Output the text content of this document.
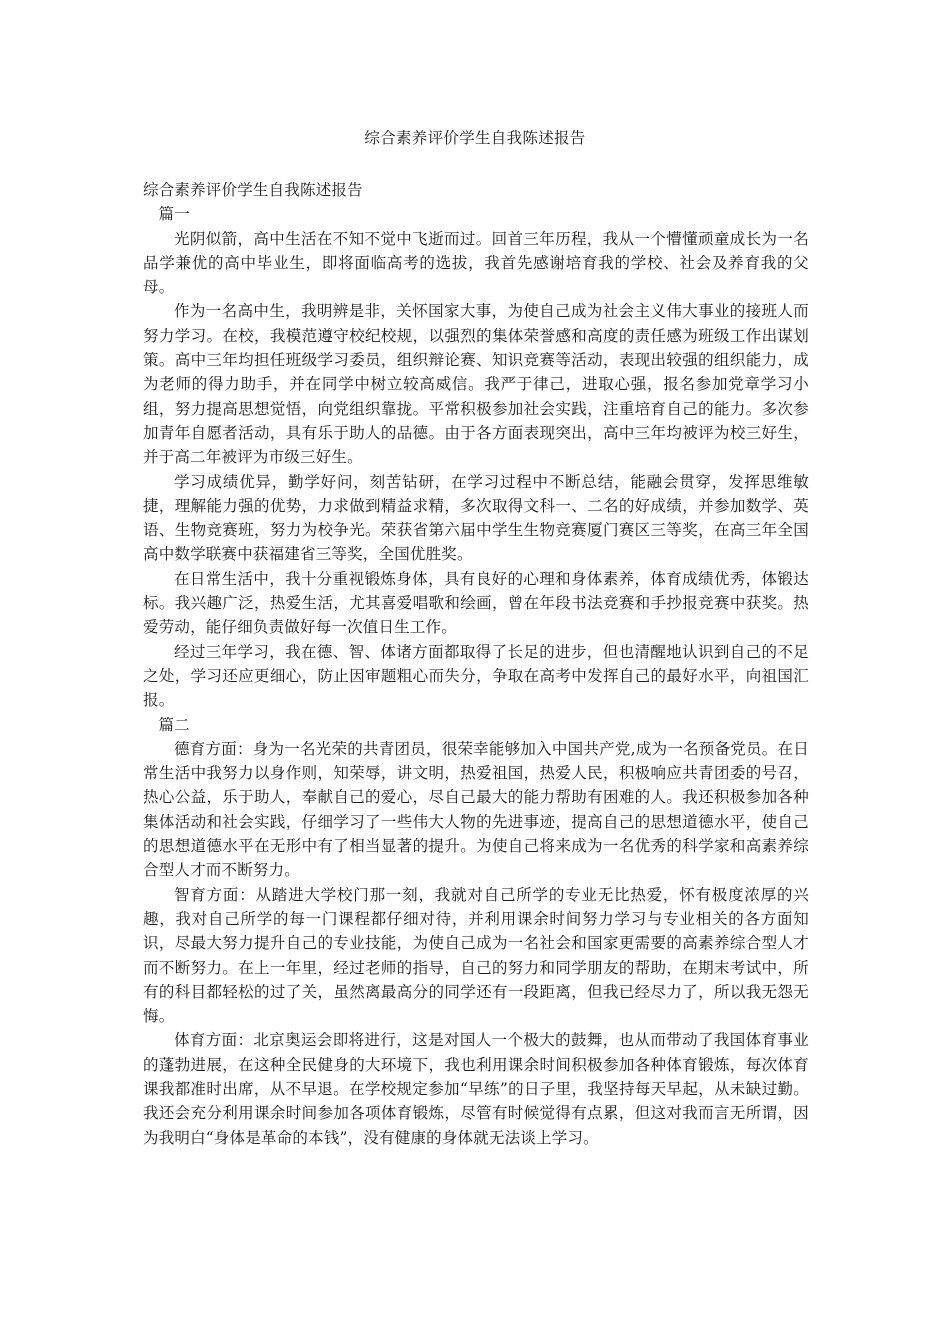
综合素养评价学生自我陈述报告

综合素养评价学生自我陈述报告

篇一

光阴似箭，高中生活在不知不觉中飞逝而过。回首三年历程，我从一个懵懂顽童成长为一名品学兼优的高中毕业生，即将面临高考的选拔，我首先感谢培育我的学校、社会及养育我的父母。

作为一名高中生，我明辨是非，关怀国家大事，为使自己成为社会主义伟大事业的接班人而努力学习。在校，我模范遵守校纪校规，以强烈的集体荣誉感和高度的责任感为班级工作出谋划策。高中三年均担任班级学习委员，组织辩论赛、知识竞赛等活动，表现出较强的组织能力，成为老师的得力助手，并在同学中树立较高威信。我严于律己，进取心强，报名参加党章学习小组，努力提高思想觉悟，向党组织靠拢。平常积极参加社会实践，注重培育自己的能力。多次参加青年自愿者活动，具有乐于助人的品德。由于各方面表现突出，高中三年均被评为校三好生，并于高二年被评为市级三好生。

学习成绩优异，勤学好问，刻苦钻研，在学习过程中不断总结，能融会贯穿，发挥思维敏捷，理解能力强的优势，力求做到精益求精，多次取得文科一、二名的好成绩，并参加数学、英语、生物竞赛班，努力为校争光。荣获省第六届中学生生物竞赛厦门赛区三等奖，在高三年全国高中数学联赛中获福建省三等奖，全国优胜奖。

在日常生活中，我十分重视锻炼身体，具有良好的心理和身体素养，体育成绩优秀，体锻达标。我兴趣广泛，热爱生活，尤其喜爱唱歌和绘画，曾在年段书法竞赛和手抄报竞赛中获奖。热爱劳动，能仔细负责做好每一次值日生工作。

经过三年学习，我在德、智、体诸方面都取得了长足的进步，但也清醒地认识到自己的不足之处，学习还应更细心，防止因审题粗心而失分，争取在高考中发挥自己的最好水平，向祖国汇报。

篇二

德育方面：身为一名光荣的共青团员，很荣幸能够加入中国共产党,成为一名预备党员。在日常生活中我努力以身作则，知荣辱，讲文明，热爱祖国，热爱人民，积极响应共青团委的号召，热心公益，乐于助人，奉献自己的爱心，尽自己最大的能力帮助有困难的人。我还积极参加各种集体活动和社会实践，仔细学习了一些伟大人物的先进事迹，提高自己的思想道德水平，使自己的思想道德水平在无形中有了相当显著的提升。为使自己将来成为一名优秀的科学家和高素养综合型人才而不断努力。

智育方面：从踏进大学校门那一刻，我就对自己所学的专业无比热爱，怀有极度浓厚的兴趣，我对自己所学的每一门课程都仔细对待，并利用课余时间努力学习与专业相关的各方面知识，尽最大努力提升自己的专业技能，为使自己成为一名社会和国家更需要的高素养综合型人才而不断努力。在上一年里，经过老师的指导，自己的努力和同学朋友的帮助，在期末考试中，所有的科目都轻松的过了关，虽然离最高分的同学还有一段距离，但我已经尽力了，所以我无怨无悔。

体育方面：北京奥运会即将进行，这是对国人一个极大的鼓舞，也从而带动了我国体育事业的蓬勃进展，在这种全民健身的大环境下，我也利用课余时间积极参加各种体育锻炼，每次体育课我都准时出席，从不早退。在学校规定参加“早练”的日子里，我坚持每天早起，从未缺过勤。我还会充分利用课余时间参加各项体育锻炼，尽管有时候觉得有点累，但这对我而言无所谓，因为我明白“身体是革命的本钱”，没有健康的身体就无法谈上学习。
